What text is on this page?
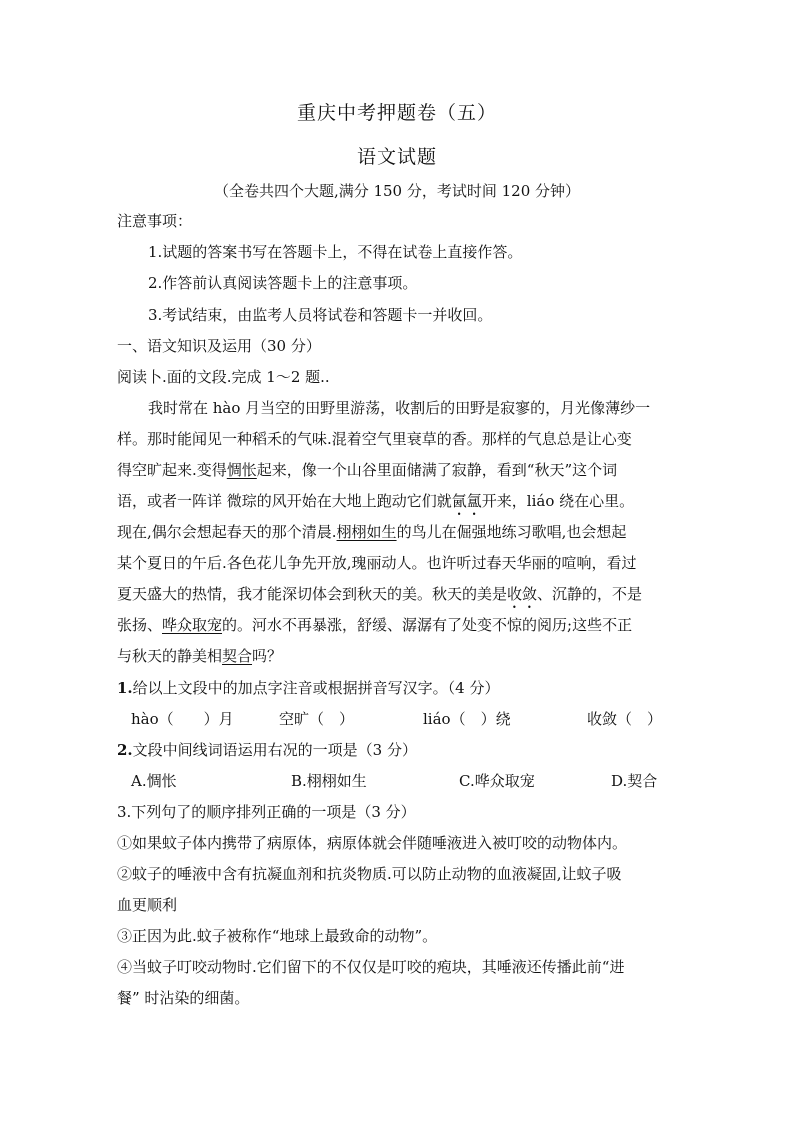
重庆中考押题卷（五）
语文试题

（全卷共四个大题,满分 150 分，考试时间 120 分钟）

注意事项：

1.试题的答案书写在答题卡上，不得在试卷上直接作答。

2.作答前认真阅读答题卡上的注意事项。

3.考试结束，由监考人员将试卷和答题卡一并收回。

一、语文知识及运用（30 分）

阅读卜.面的文段.完成 1～2 题..

我时常在 hào 月当空的田野里游荡，收割后的田野是寂寥的，月光像薄纱一

样。那时能闻见一种稻禾的气味.混着空气里衰草的香。那样的气息总是让心变

得空旷起来.变得惆怅起来，像一个山谷里面储满了寂静，看到“秋天”这个词

语，或者一阵详 微琮的风开始在大地上跑动它们就氤氲开来，liáo 绕在心里。

现在,偶尔会想起春天的那个清晨.栩栩如生的鸟儿在倔强地练习歌唱,也会想起

某个夏日的午后.各色花儿争先开放,瑰丽动人。也许听过春天华丽的喧响，看过

夏天盛大的热情，我才能深切体会到秋天的美。秋天的美是收敛、沉静的，不是

张扬、哗众取宠的。河水不再暴涨，舒缓、潺潺有了处变不惊的阅历;这些不正

与秋天的静美相契合吗？

1.给以上文段中的加点字注音或根据拼音写汉字。（4 分）

hào（　　）月	空旷（　）	liáo（　）绕	收敛（　）

2.文段中间线词语运用右况的一项是（3 分）

A.惆怅	B.栩栩如生	C.哗众取宠	D.契合

3.下列句了的顺序排列正确的一项是（3 分）

①如果蚊子体内携带了病原体，病原体就会伴随唾液进入被叮咬的动物体内。

②蚊子的唾液中含有抗凝血剂和抗炎物质.可以防止动物的血液凝固,让蚊子吸

血更顺利

③正因为此.蚊子被称作“地球上最致命的动物”。

④当蚊子叮咬动物时.它们留下的不仅仅是叮咬的疱块，其唾液还传播此前“进

餐” 时沾染的细菌。
